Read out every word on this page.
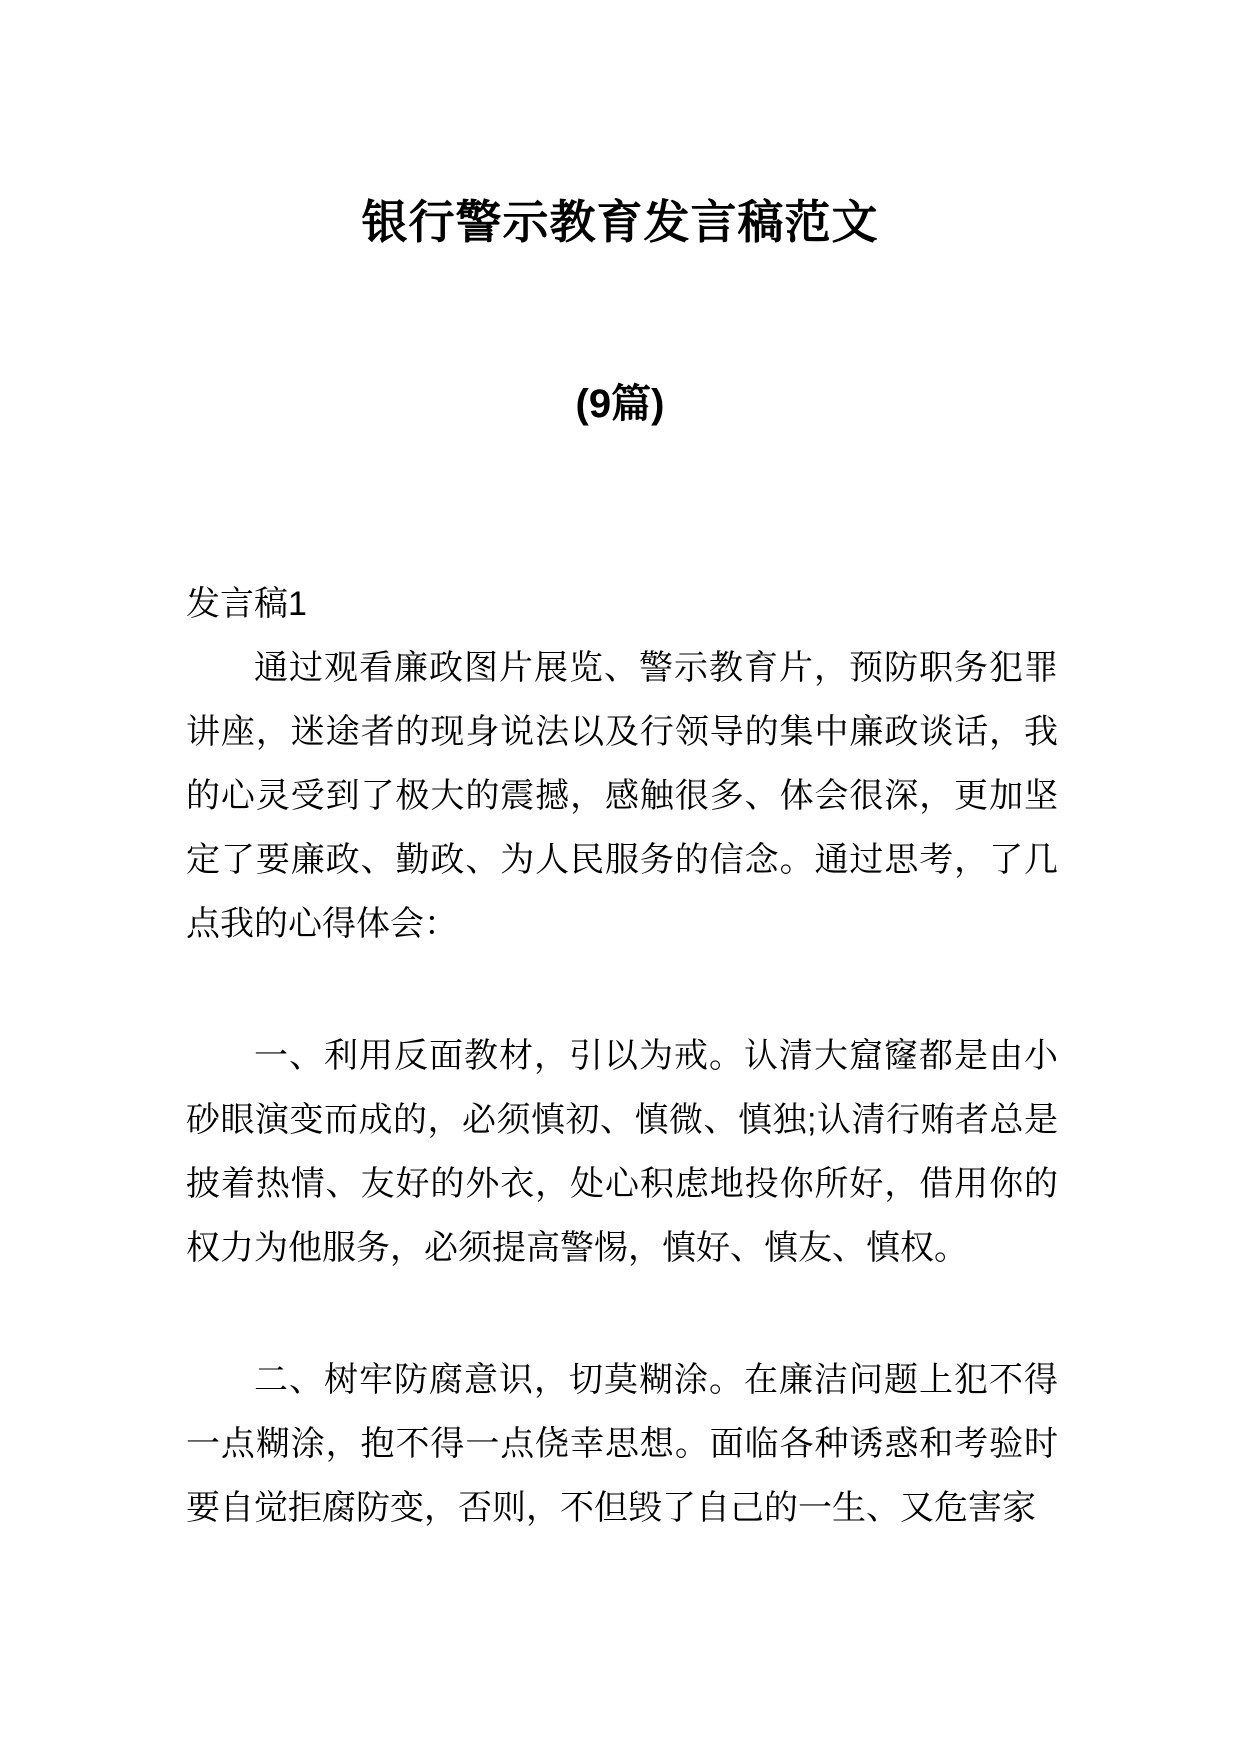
银行警示教育发言稿范文
(9篇)

发言稿1

通过观看廉政图片展览、警示教育片，预防职务犯罪讲座，迷途者的现身说法以及行领导的集中廉政谈话，我的心灵受到了极大的震撼，感触很多、体会很深，更加坚定了要廉政、勤政、为人民服务的信念。通过思考，了几点我的心得体会：

一、利用反面教材，引以为戒。认清大窟窿都是由小砂眼演变而成的，必须慎初、慎微、慎独;认清行贿者总是披着热情、友好的外衣，处心积虑地投你所好，借用你的权力为他服务，必须提高警惕，慎好、慎友、慎权。

二、树牢防腐意识，切莫糊涂。在廉洁问题上犯不得一点糊涂，抱不得一点侥幸思想。面临各种诱惑和考验时要自觉拒腐防变，否则，不但毁了自己的一生、又危害家
